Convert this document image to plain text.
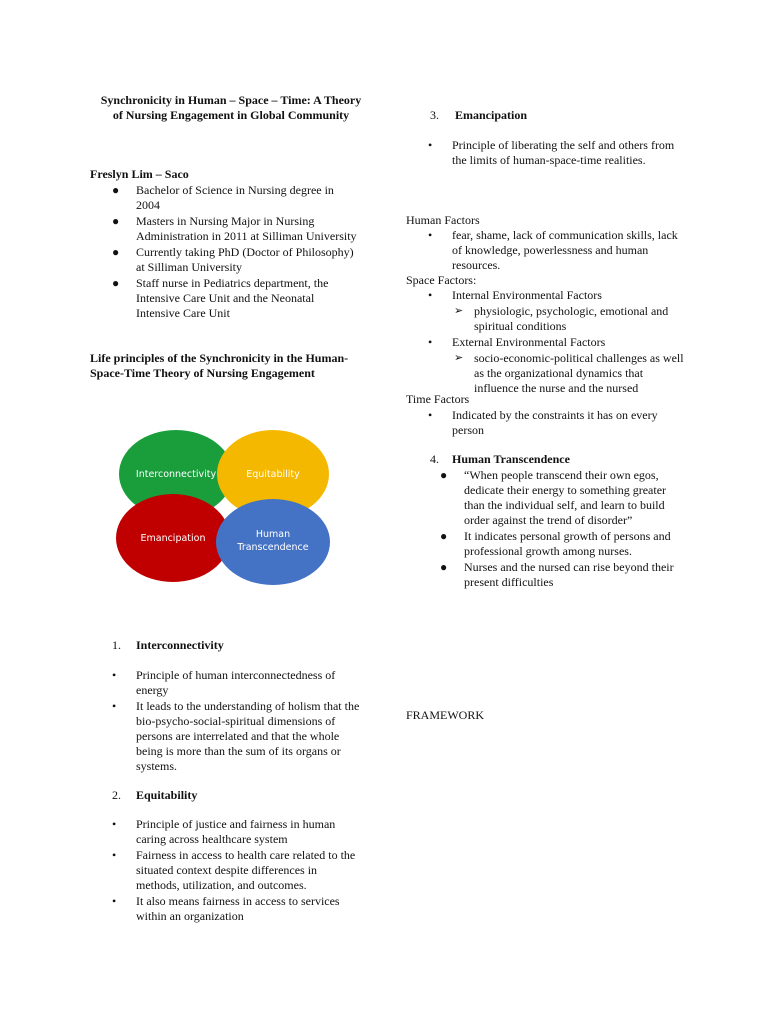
Synchronicity in Human – Space – Time: A Theory of Nursing Engagement in Global Community
Freslyn Lim – Saco
● Bachelor of Science in Nursing degree in 2004
● Masters in Nursing Major in Nursing Administration in 2011 at Silliman University
● Currently taking PhD (Doctor of Philosophy) at Silliman University
● Staff nurse in Pediatrics department, the Intensive Care Unit and the Neonatal Intensive Care Unit
Life principles of the Synchronicity in the Human-Space-Time Theory of Nursing Engagement
Interconnectivity	Equitability
Emancipation	Human
Transcendence
1. Interconnectivity
• Principle of human interconnectedness of energy
• It leads to the understanding of holism that the bio-psycho-social-spiritual dimensions of persons are interrelated and that the whole being is more than the sum of its organs or systems.
2. Equitability
• Principle of justice and fairness in human caring across healthcare system
• Fairness in access to health care related to the situated context despite differences in methods, utilization, and outcomes.
• It also means fairness in access to services within an organization
3. Emancipation
• Principle of liberating the self and others from the limits of human-space-time realities.
Human Factors
• fear, shame, lack of communication skills, lack of knowledge, powerlessness and human resources.
Space Factors:
• Internal Environmental Factors
➢ physiologic, psychologic, emotional and spiritual conditions
• External Environmental Factors
➢ socio-economic-political challenges as well as the organizational dynamics that influence the nurse and the nursed
Time Factors
• Indicated by the constraints it has on every person
4. Human Transcendence
● “When people transcend their own egos, dedicate their energy to something greater than the individual self, and learn to build order against the trend of disorder”
● It indicates personal growth of persons and professional growth among nurses.
● Nurses and the nursed can rise beyond their present difficulties
FRAMEWORK
